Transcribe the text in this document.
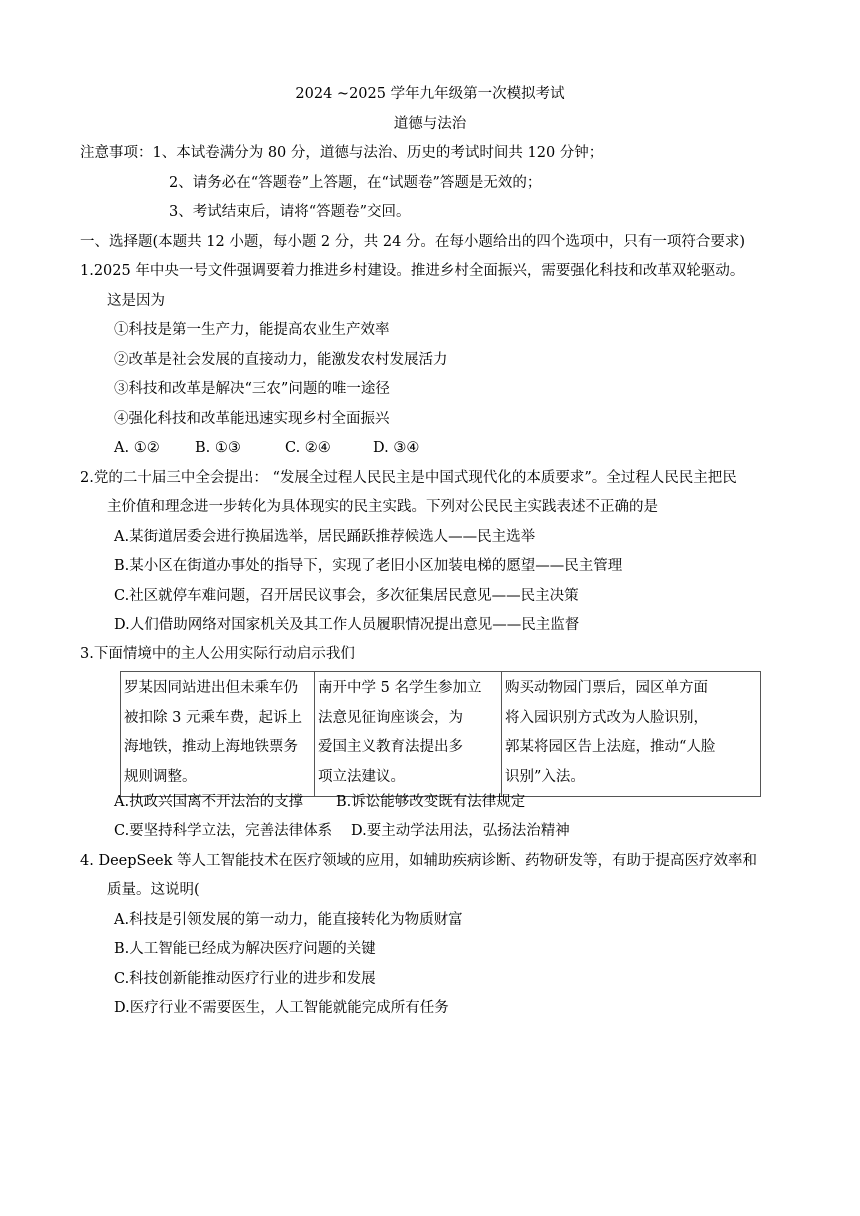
2024 ~2025 学年九年级第一次模拟考试
道德与法治
注意事项：1、本试卷满分为 80 分，道德与法治、历史的考试时间共 120 分钟；
2、请务必在“答题卷”上答题，在“试题卷”答题是无效的；
3、考试结束后，请将“答题卷”交回。
一、选择题(本题共 12 小题，每小题 2 分，共 24 分。在每小题给出的四个选项中，只有一项符合要求)
1.2025 年中央一号文件强调要着力推进乡村建设。推进乡村全面振兴，需要强化科技和改革双轮驱动。
这是因为
①科技是第一生产力，能提高农业生产效率
②改革是社会发展的直接动力，能激发农村发展活力
③科技和改革是解决“三农”问题的唯一途径
④强化科技和改革能迅速实现乡村全面振兴
A. ①② B. ①③	C. ②④	D. ③④
2.党的二十届三中全会提出： “发展全过程人民民主是中国式现代化的本质要求”。全过程人民民主把民
主价值和理念进一步转化为具体现实的民主实践。下列对公民民主实践表述不正确的是
A.某街道居委会进行换届选举，居民踊跃推荐候选人——民主选举
B.某小区在街道办事处的指导下，实现了老旧小区加装电梯的愿望——民主管理
C.社区就停车难问题，召开居民议事会，多次征集居民意见——民主决策
D.人们借助网络对国家机关及其工作人员履职情况提出意见——民主监督
3.下面情境中的主人公用实际行动启示我们
罗某因同站进出但未乘车仍
被扣除 3 元乘车费，起诉上
海地铁，推动上海地铁票务
规则调整。

南开中学 5 名学生参加立
法意见征询座谈会，为
爱国主义教育法提出多
项立法建议。

购买动物园门票后，园区单方面
将入园识别方式改为人脸识别，
郭某将园区告上法庭，推动“人脸
识别”入法。
A.执政兴国离不开法治的支撑 B.诉讼能够改变既有法律规定
C.要坚持科学立法，完善法律体系 D.要主动学法用法，弘扬法治精神
4. DeepSeek 等人工智能技术在医疗领域的应用，如辅助疾病诊断、药物研发等，有助于提高医疗效率和
质量。这说明(
A.科技是引领发展的第一动力，能直接转化为物质财富
B.人工智能已经成为解决医疗问题的关键
C.科技创新能推动医疗行业的进步和发展
D.医疗行业不需要医生，人工智能就能完成所有任务
